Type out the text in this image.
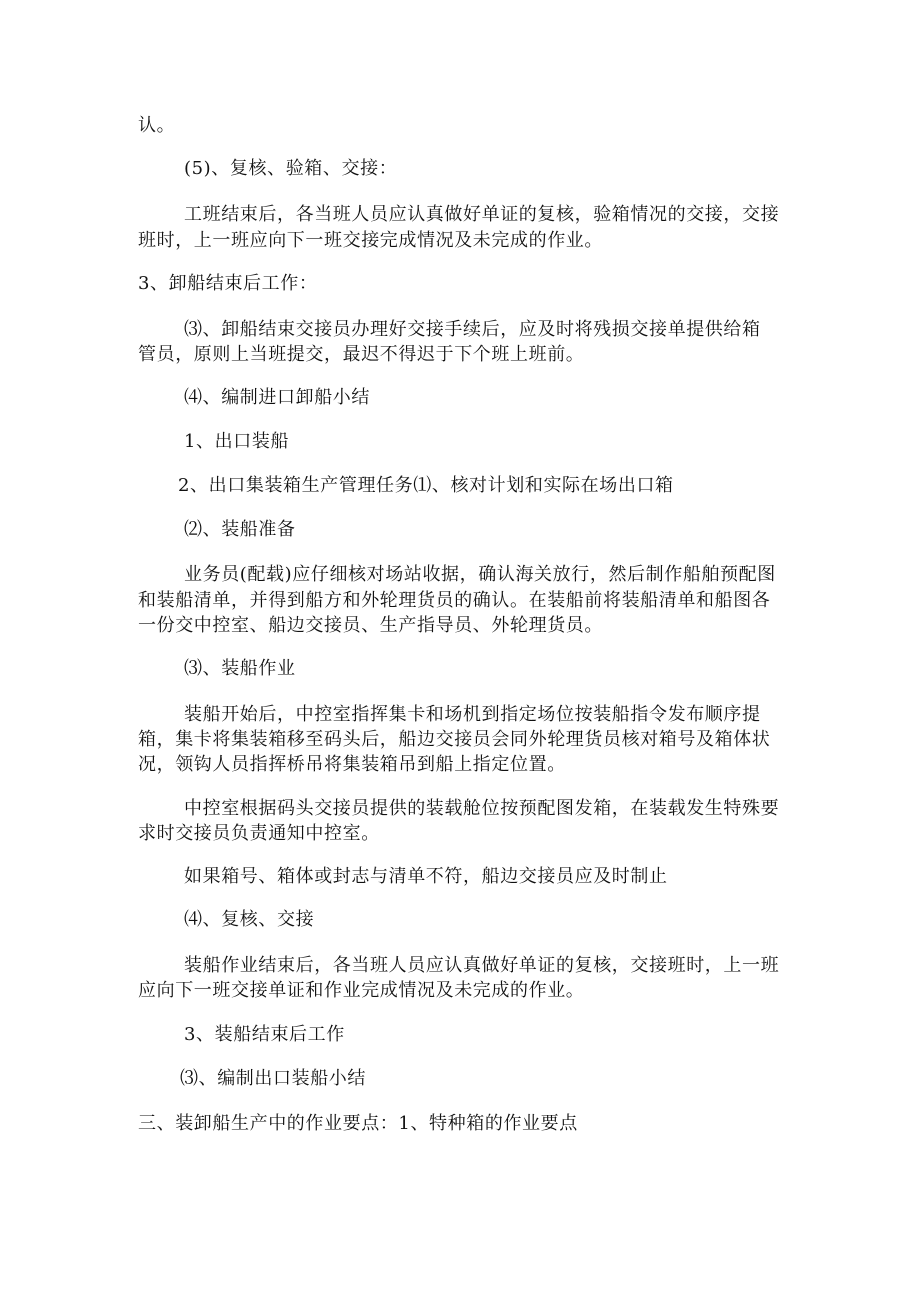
认。
(5)、复核、验箱、交接：
工班结束后，各当班人员应认真做好单证的复核，验箱情况的交接，交接
班时，上一班应向下一班交接完成情况及未完成的作业。
3、卸船结束后工作：
⑶、卸船结束交接员办理好交接手续后，应及时将残损交接单提供给箱
管员，原则上当班提交，最迟不得迟于下个班上班前。
⑷、编制进口卸船小结
1、出口装船
2、出口集装箱生产管理任务⑴、核对计划和实际在场出口箱
⑵、装船准备
业务员(配载)应仔细核对场站收据，确认海关放行，然后制作船舶预配图
和装船清单，并得到船方和外轮理货员的确认。在装船前将装船清单和船图各
一份交中控室、船边交接员、生产指导员、外轮理货员。
⑶、装船作业
装船开始后，中控室指挥集卡和场机到指定场位按装船指令发布顺序提
箱，集卡将集装箱移至码头后，船边交接员会同外轮理货员核对箱号及箱体状
况，领钩人员指挥桥吊将集装箱吊到船上指定位置。
中控室根据码头交接员提供的装载舱位按预配图发箱，在装载发生特殊要
求时交接员负责通知中控室。
如果箱号、箱体或封志与清单不符，船边交接员应及时制止
⑷、复核、交接
装船作业结束后，各当班人员应认真做好单证的复核，交接班时，上一班
应向下一班交接单证和作业完成情况及未完成的作业。
3、装船结束后工作
⑶、编制出口装船小结
三、装卸船生产中的作业要点：1、特种箱的作业要点
